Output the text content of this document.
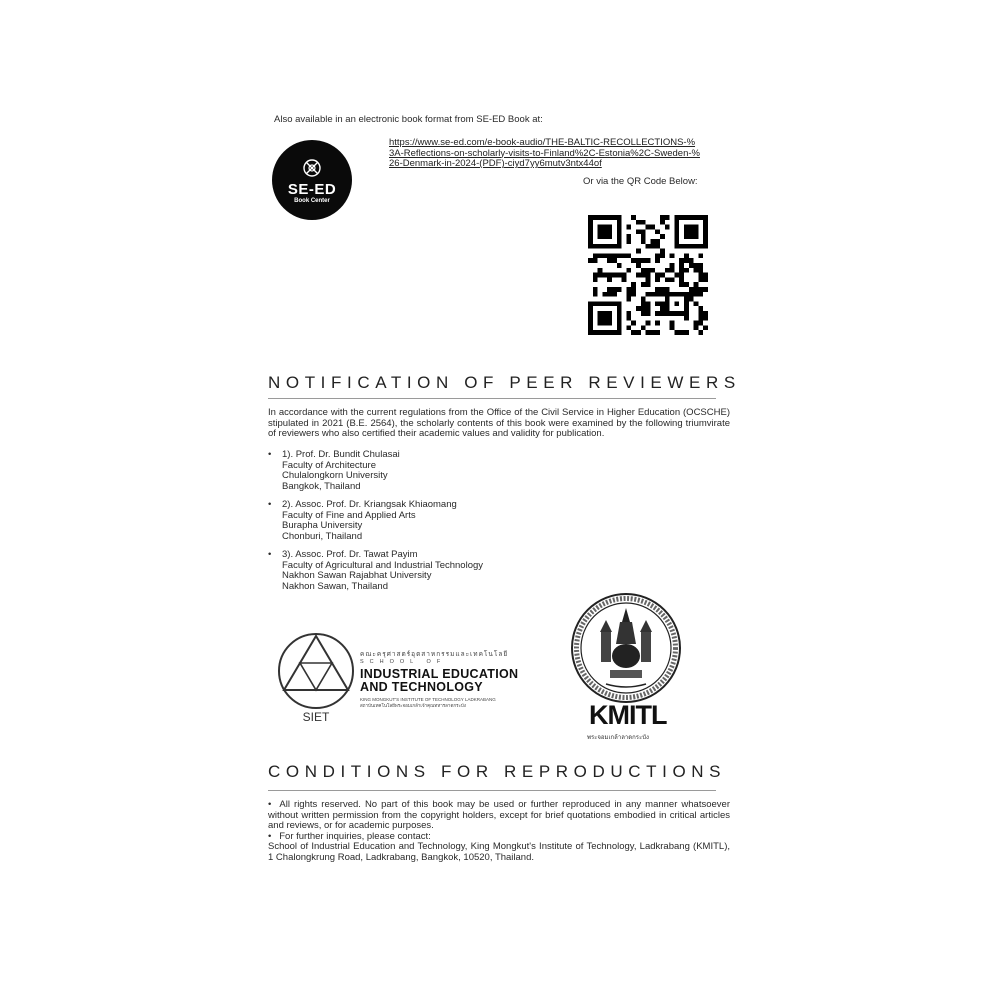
Also available in an electronic book format from SE-ED Book at:
SE-ED
Book Center
https://www.se-ed.com/e-book-audio/THE-BALTIC-RECOLLECTIONS-%
3A-Reflections-on-scholarly-visits-to-Finland%2C-Estonia%2C-Sweden-%
26-Denmark-in-2024-(PDF)-ciyd7yy6mutv3ntx44of
Or via the QR Code Below:
NOTIFICATION OF PEER REVIEWERS
In accordance with the current regulations from the Office of the Civil Service in Higher Education (OCSCHE) stipulated in 2021 (B.E. 2564), the scholarly contents of this book were examined by the following triumvirate of reviewers who also certified their academic values and validity for publication.
• 1). Prof. Dr. Bundit Chulasai
Faculty of Architecture
Chulalongkorn University
Bangkok, Thailand
• 2). Assoc. Prof. Dr. Kriangsak Khiaomang
Faculty of Fine and Applied Arts
Burapha University
Chonburi, Thailand
• 3). Assoc. Prof. Dr. Tawat Payim
Faculty of Agricultural and Industrial Technology
Nakhon Sawan Rajabhat University
Nakhon Sawan, Thailand
SIET
คณะครุศาสตร์อุตสาหกรรมและเทคโนโลยี
SCHOOL OF
INDUSTRIAL EDUCATION
AND TECHNOLOGY
KING MONGKUT'S INSTITUTE OF TECHNOLOGY LADKRABANG
สถาบันเทคโนโลยีพระจอมเกล้าเจ้าคุณทหารลาดกระบัง	KMITL
พระจอมเกล้าลาดกระบัง
CONDITIONS FOR REPRODUCTIONS
•  All rights reserved. No part of this book may be used or further reproduced in any manner whatsoever without written permission from the copyright holders, except for brief quotations embodied in critical articles and reviews, or for academic purposes.
•   For further inquiries, please contact:
School of Industrial Education and Technology, King Mongkut's Institute of Technology, Ladkrabang (KMITL), 1 Chalongkrung Road, Ladkrabang, Bangkok, 10520, Thailand.
